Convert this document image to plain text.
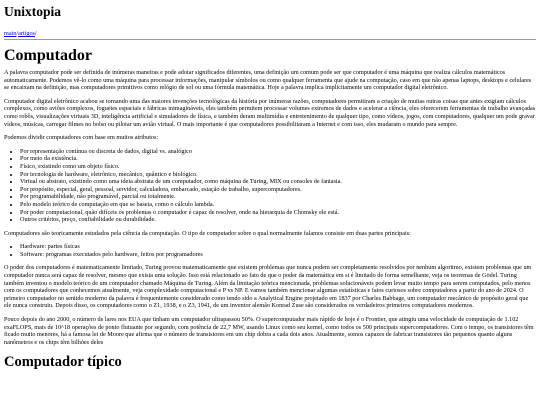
Unixtopia
main/artigos/
Computador

A palavra computador pode ser definida de inúmeras maneiras e pode adotar significados diferentes, uma definição um comum pode ser que computador é uma máquina que realiza cálculos matemáticos automaticamente. Podemos vê-lo como uma máquina para processar informações, manipular símbolos ou como qualquer ferramenta que ajude na computação, caso em que não apenas laptops, desktops e celulares se encaixam na definição, mas computadores primitivos como relógio de sol ou uma fórmula matemática. Hoje a palavra implica implicitamente um computador digital eletrônico.

Computador digital eletrônico acabou se tornando uma das maiores invenções tecnológicas da história por inúmeras razões, computadores permitiram a criação de muitas outras coisas que antes exigiam cálculos complexos, como aviões complexos, foguetes espaciais e fábricas inimagináveis, eles também permitem processar volumes extremos de dados e acelerar a ciência, eles oferecerem ferramentas de trabalho avançadas como robôs, visualizações virtuais 3D, inteligência artificial e simuladores de física, e também deram multimídia e entretenimento de qualquer tipo, como vídeos, jogos, com computadores, qualquer um pode gravar vídeos, músicas, carregar filmes no bolso ou pilotar um avião virtual. O mais importante é que computadores possibilitaram a Internet e com isso, eles mudaram o mundo para sempre.

Podemos dividir computadores com base em muitos atributos:

• Por representação contínua ou discreta de dados, digital vs. analógico
• Por meio da existência.
• Físico, existindo como um objeto físico.
• Por tecnologia de hardware, eletrônico, mecânico, quântico e biológico.
• Virtual ou abstrato, existindo como uma ideia abstrata de um computador, como máquina de Turing, MIX ou consoles de fantasia.
• Por propósito, especial, geral, pessoal, servidor, calculadora, embarcado, estação de trabalho, supercomputadores.
• Por programabilidade, não programável, parcial ou totalmente.
• Pelo modelo teórico de computação em que se baseia, como o cálculo lambda.
• Por poder computacional, quão difíceis os problemas o computador é capaz de resolver, onde na hierarquia de Chomsky ele está.
• Outros critérios, preço, confiabilidade ou durabilidade.

Computadores são teoricamente estudados pela ciência da computação. O tipo de computador sobre o qual normalmente falamos consiste em duas partes principais:

• Hardware: partes físicas
• Software: programas executados pelo hardware, feitos por programadores

O poder dos computadores é matematicamente limitado, Turing provou matematicamente que existem problemas que nunca podem ser completamente resolvidos por nenhum algoritmo, existem problemas que um computador nunca será capaz de resolver, mesmo que exista uma solução. Isso está relacionado ao fato de que o poder da matemática em si é limitado de forma semelhante, veja os teoremas de Gödel. Turing também inventou o modelo teórico de um computador chamado Máquina de Turing. Além da limitação teórica mencionada, problemas solucionáveis podem levar muito tempo para serem computados, pelo menos com os computadores que conhecemos atualmente, veja complexidade computacional e P vs NP. E vamos também mencionar algumas estatísticas e fatos curiosos sobre computadores a partir do ano de 2024. O primeiro computador no sentido moderno da palavra é frequentemente considerado como tendo sido a Analytical Engine projetado em 1837 por Charles Babbage, um computador mecânico de propósito geral que ele nunca construiu. Depois disso, os computadores como o Z1, 1938, e o Z3, 1941, de um inventor alemão Konrad Zuse são considerados os verdadeiros primeiros computadores modernos.

Pouco depois do ano 2000, o número de lares nos EUA que tinham um computador ultrapassou 50%. O supercomputador mais rápido de hoje é o Frontier, que atingiu uma velocidade de computação de 1.102 exaFLOPS, mais de 10^18 operações de ponto flutuante por segundo, com potência de 22,7 MW, usando Linux como seu kernel, como todos os 500 principais supercomputadores. Com o tempo, os transistores têm ficado muito menores, há a famosa lei de Moore que afirma que o número de transistores em um chip dobra a cada dois anos. Atualmente, somos capazes de fabricar transistores tão pequenos quanto alguns nanômetros e os chips têm bilhões deles

Computador típico
